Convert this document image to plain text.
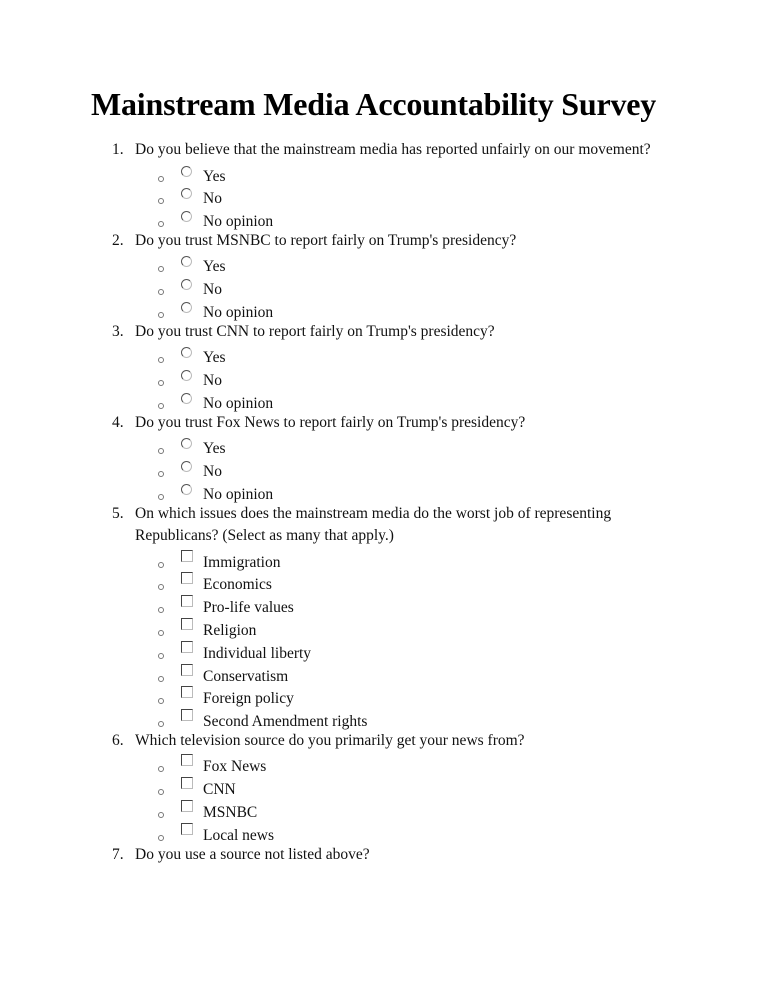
Mainstream Media Accountability Survey
1. Do you believe that the mainstream media has reported unfairly on our movement?
Yes
No
No opinion
2. Do you trust MSNBC to report fairly on Trump's presidency?
Yes
No
No opinion
3. Do you trust CNN to report fairly on Trump's presidency?
Yes
No
No opinion
4. Do you trust Fox News to report fairly on Trump's presidency?
Yes
No
No opinion
5. On which issues does the mainstream media do the worst job of representing
Republicans? (Select as many that apply.)
Immigration
Economics
Pro-life values
Religion
Individual liberty
Conservatism
Foreign policy
Second Amendment rights
6. Which television source do you primarily get your news from?
Fox News
CNN
MSNBC
Local news
7. Do you use a source not listed above?
